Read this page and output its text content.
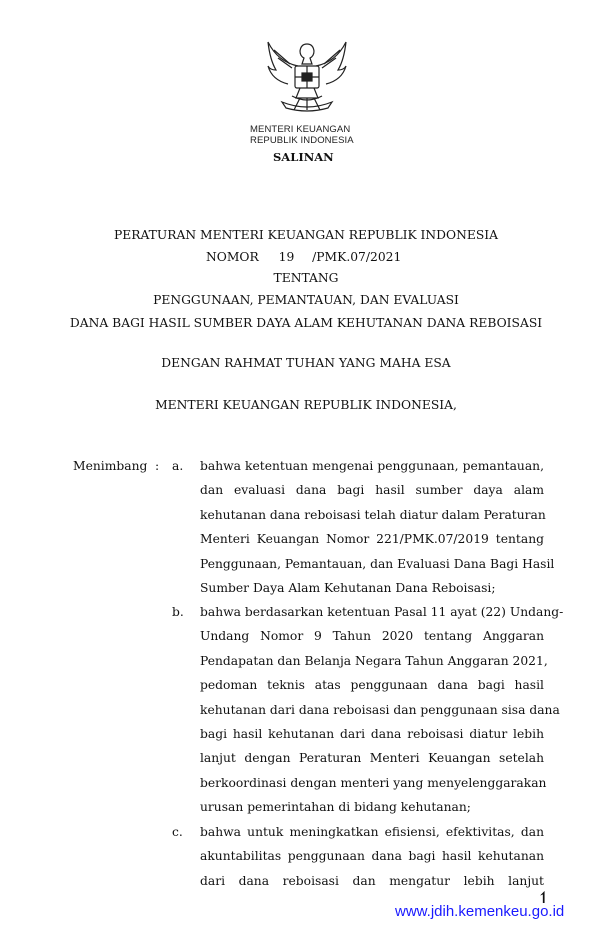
MENTERI KEUANGAN
REPUBLIK INDONESIA
SALINAN
PERATURAN MENTERI KEUANGAN REPUBLIK INDONESIA
NOMOR 19 /PMK.07/2021
TENTANG
PENGGUNAAN, PEMANTAUAN, DAN EVALUASI
DANA BAGI HASIL SUMBER DAYA ALAM KEHUTANAN DANA REBOISASI
DENGAN RAHMAT TUHAN YANG MAHA ESA
MENTERI KEUANGAN REPUBLIK INDONESIA,
Menimbang : a. bahwa ketentuan mengenai penggunaan, pemantauan,
dan evaluasi dana bagi hasil sumber daya alam
kehutanan dana reboisasi telah diatur dalam Peraturan
Menteri Keuangan Nomor 221/PMK.07/2019 tentang
Penggunaan, Pemantauan, dan Evaluasi Dana Bagi Hasil
Sumber Daya Alam Kehutanan Dana Reboisasi;
b. bahwa berdasarkan ketentuan Pasal 11 ayat (22) Undang-
Undang Nomor 9 Tahun 2020 tentang Anggaran
Pendapatan dan Belanja Negara Tahun Anggaran 2021,
pedoman teknis atas penggunaan dana bagi hasil
kehutanan dari dana reboisasi dan penggunaan sisa dana
bagi hasil kehutanan dari dana reboisasi diatur lebih
lanjut dengan Peraturan Menteri Keuangan setelah
berkoordinasi dengan menteri yang menyelenggarakan
urusan pemerintahan di bidang kehutanan;
c. bahwa untuk meningkatkan efisiensi, efektivitas, dan
akuntabilitas penggunaan dana bagi hasil kehutanan
dari dana reboisasi dan mengatur lebih lanjut
www.jdih.kemenkeu.go.id
↿
